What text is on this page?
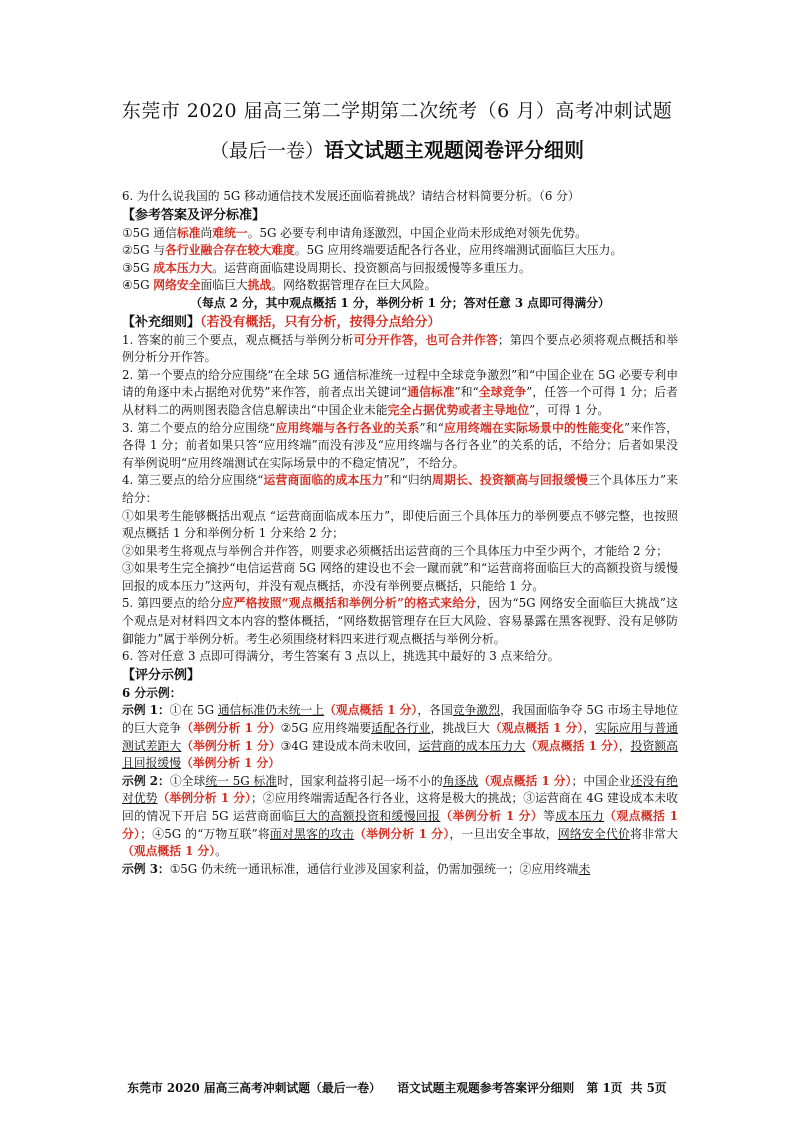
东莞市 2020 届高三第二学期第二次统考（6 月）高考冲刺试题
（最后一卷）语文试题主观题阅卷评分细则

6. 为什么说我国的 5G 移动通信技术发展还面临着挑战？请结合材料简要分析。（6 分）

【参考答案及评分标准】

①5G 通信标准尚难统一。5G 必要专利申请角逐激烈，中国企业尚未形成绝对领先优势。

②5G 与各行业融合存在较大难度。5G 应用终端要适配各行各业，应用终端测试面临巨大压力。

③5G 成本压力大。运营商面临建设周期长、投资额高与回报缓慢等多重压力。

④5G 网络安全面临巨大挑战。网络数据管理存在巨大风险。

（每点 2 分，其中观点概括 1 分，举例分析 1 分；答对任意 3 点即可得满分）

【补充细则】（若没有概括，只有分析，按得分点给分）

1. 答案的前三个要点，观点概括与举例分析可分开作答，也可合并作答；第四个要点必须将观点概括和举例分析分开作答。

2. 第一个要点的给分应围绕“在全球 5G 通信标准统一过程中全球竞争激烈”和“中国企业在 5G 必要专利申请的角逐中未占据绝对优势”来作答，前者点出关键词“通信标准”和“全球竞争”，任答一个可得 1 分；后者从材料二的两则图表隐含信息解读出“中国企业未能完全占据优势或者主导地位”，可得 1 分。

3. 第二个要点的给分应围绕“应用终端与各行各业的关系”和“应用终端在实际场景中的性能变化”来作答，各得 1 分；前者如果只答“应用终端”而没有涉及“应用终端与各行各业”的关系的话，不给分；后者如果没有举例说明“应用终端测试在实际场景中的不稳定情况”，不给分。

4. 第三要点的给分应围绕“运营商面临的成本压力”和“归纳周期长、投资额高与回报缓慢三个具体压力”来给分：

①如果考生能够概括出观点 “运营商面临成本压力”，即使后面三个具体压力的举例要点不够完整，也按照观点概括 1 分和举例分析 1 分来给 2 分；

②如果考生将观点与举例合并作答，则要求必须概括出运营商的三个具体压力中至少两个，才能给 2 分；

③如果考生完全摘抄“电信运营商 5G 网络的建设也不会一蹴而就”和“运营商将面临巨大的高额投资与缓慢回报的成本压力”这两句，并没有观点概括，亦没有举例要点概括，只能给 1 分。

5. 第四要点的给分应严格按照“观点概括和举例分析”的格式来给分，因为“5G 网络安全面临巨大挑战”这个观点是对材料四文本内容的整体概括，“网络数据管理存在巨大风险、容易暴露在黑客视野、没有足够防御能力”属于举例分析。考生必须围绕材料四来进行观点概括与举例分析。

6. 答对任意 3 点即可得满分，考生答案有 3 点以上，挑选其中最好的 3 点来给分。

【评分示例】

6 分示例：

示例 1：①在 5G 通信标准仍未统一上（观点概括 1 分），各国竞争激烈，我国面临争夺 5G 市场主导地位的巨大竞争（举例分析 1 分）②5G 应用终端要适配各行业，挑战巨大（观点概括 1 分），实际应用与普通测试差距大（举例分析 1 分）③4G 建设成本尚未收回，运营商的成本压力大（观点概括 1 分），投资额高且回报缓慢（举例分析 1 分）

示例 2：①全球统一 5G 标准时，国家利益将引起一场不小的角逐战（观点概括 1 分）；中国企业还没有绝对优势（举例分析 1 分）；②应用终端需适配各行各业，这将是极大的挑战；③运营商在 4G 建设成本未收回的情况下开启 5G 运营商面临巨大的高额投资和缓慢回报（举例分析 1 分）等成本压力（观点概括 1 分）；④5G 的“万物互联”将面对黑客的攻击（举例分析 1 分），一旦出安全事故，网络安全代价将非常大（观点概括 1 分）。

示例 3：①5G 仍未统一通讯标准，通信行业涉及国家利益，仍需加强统一；②应用终端未

东莞市 2020 届高三高考冲刺试题（最后一卷） 语文试题主观题参考答案评分细则 第 1页  共 5页
